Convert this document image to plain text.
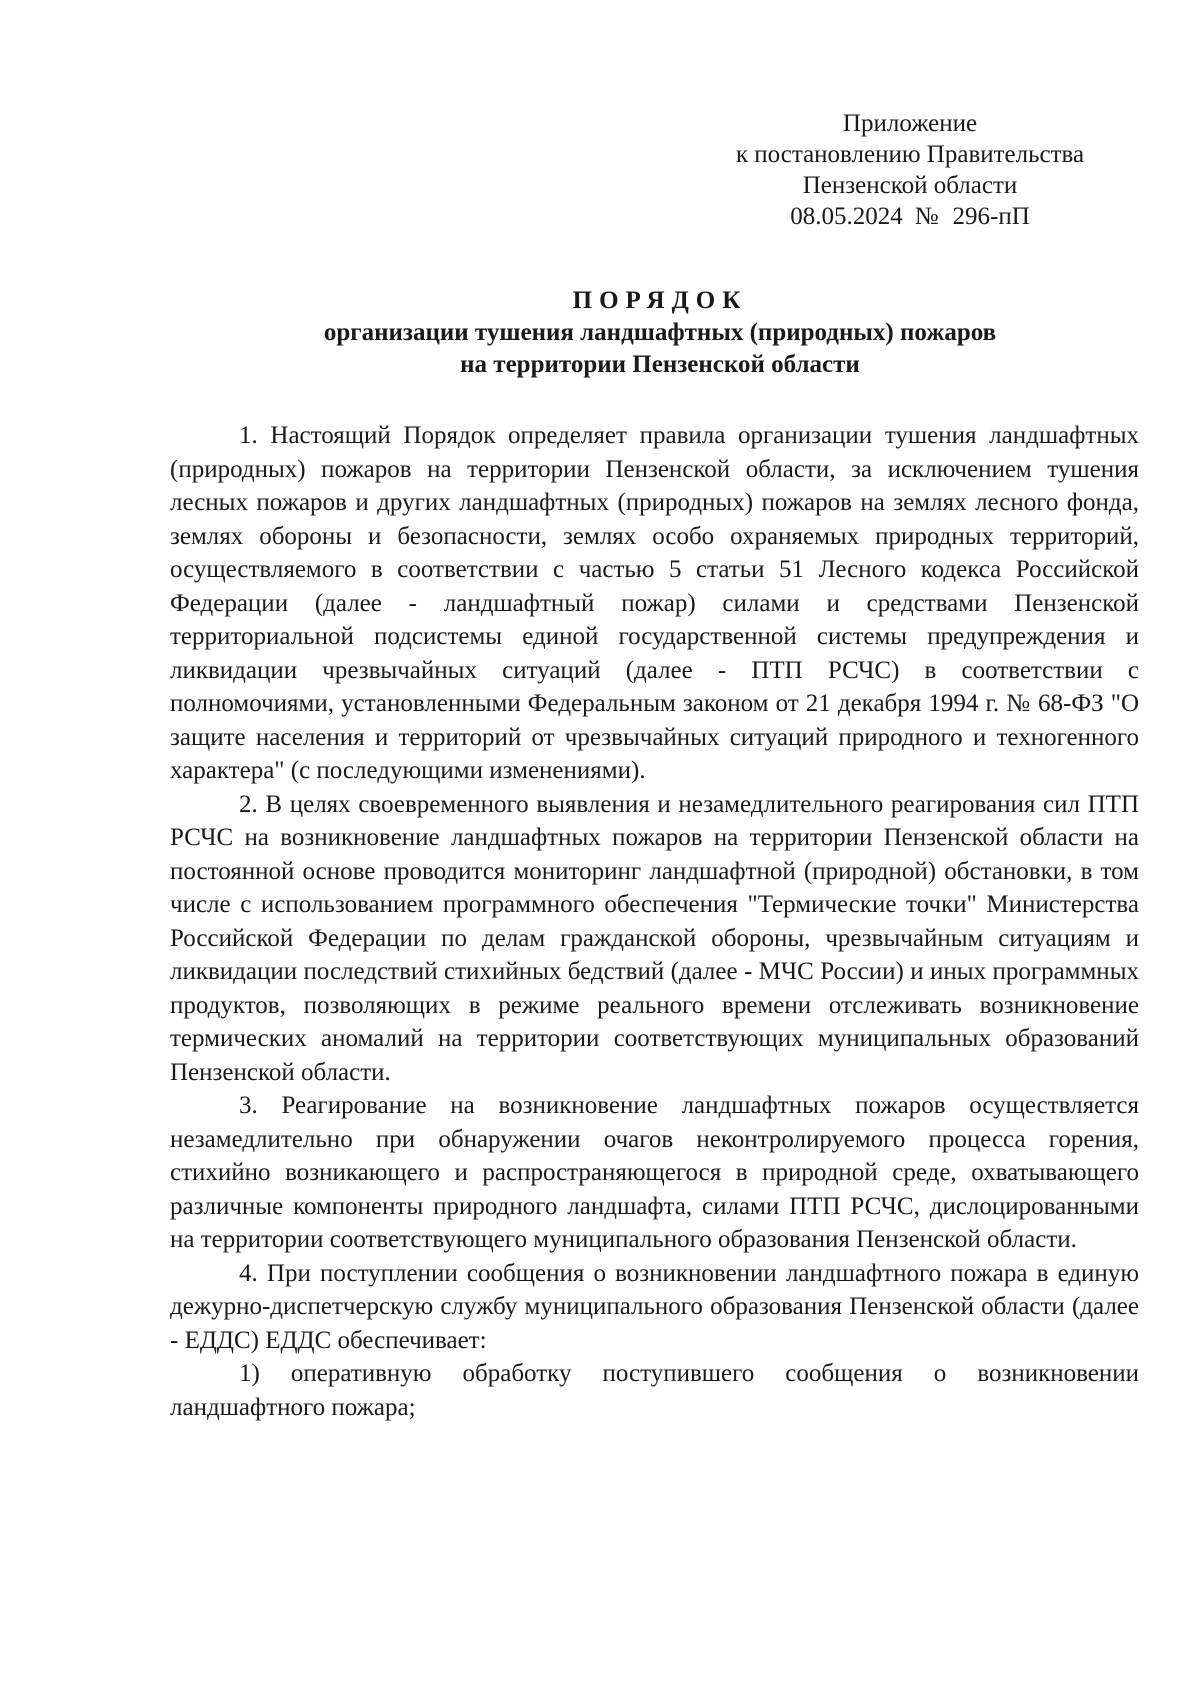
Приложение
к постановлению Правительства
Пензенской области
08.05.2024 № 296-пП
ПОРЯДОК
организации тушения ландшафтных (природных) пожаров
на территории Пензенской области

1. Настоящий Порядок определяет правила организации тушения ландшафтных (природных) пожаров на территории Пензенской области, за исключением тушения лесных пожаров и других ландшафтных (природных) пожаров на землях лесного фонда, землях обороны и безопасности, землях особо охраняемых природных территорий, осуществляемого в соответствии с частью 5 статьи 51 Лесного кодекса Российской Федерации (далее - ландшафтный пожар) силами и средствами Пензенской территориальной подсистемы единой государственной системы предупреждения и ликвидации чрезвычайных ситуаций (далее - ПТП РСЧС) в соответствии с полномочиями, установленными Федеральным законом от 21 декабря 1994 г. № 68-ФЗ "О защите населения и территорий от чрезвычайных ситуаций природного и техногенного характера" (с последующими изменениями).

2. В целях своевременного выявления и незамедлительного реагирования сил ПТП РСЧС на возникновение ландшафтных пожаров на территории Пензенской области на постоянной основе проводится мониторинг ландшафтной (природной) обстановки, в том числе с использованием программного обеспечения "Термические точки" Министерства Российской Федерации по делам гражданской обороны, чрезвычайным ситуациям и ликвидации последствий стихийных бедствий (далее - МЧС России) и иных программных продуктов, позволяющих в режиме реального времени отслеживать возникновение термических аномалий на территории соответствующих муниципальных образований Пензенской области.

3. Реагирование на возникновение ландшафтных пожаров осуществляется незамедлительно при обнаружении очагов неконтролируемого процесса горения, стихийно возникающего и распространяющегося в природной среде, охватывающего различные компоненты природного ландшафта, силами ПТП РСЧС, дислоцированными на территории соответствующего муниципального образования Пензенской области.

4. При поступлении сообщения о возникновении ландшафтного пожара в единую дежурно-диспетчерскую службу муниципального образования Пензенской области (далее - ЕДДС) ЕДДС обеспечивает:

1) оперативную обработку поступившего сообщения о возникновении ландшафтного пожара;
